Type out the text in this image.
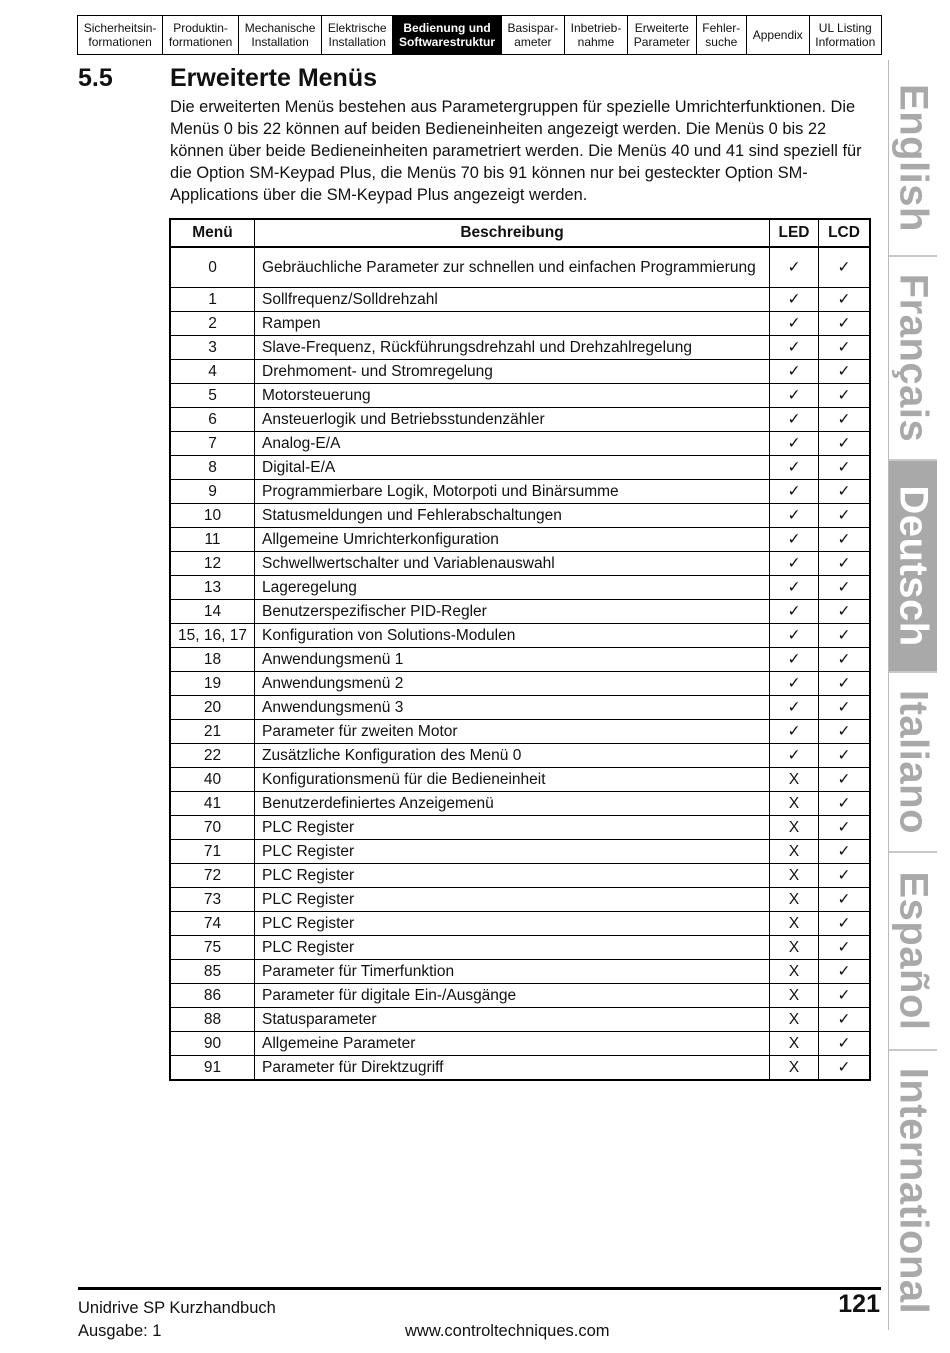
Sicherheitsin-
formationen
Produktin-
formationen
Mechanische
Installation
Elektrische
Installation
Bedienung und
Softwarestruktur
Basispar-
ameter
Inbetrieb-
nahme
Erweiterte
Parameter
Fehler-
suche	Appendix	UL Listing
Information
5.5 Erweiterte Menüs

Die erweiterten Menüs bestehen aus Parametergruppen für spezielle Umrichterfunktionen. Die Menüs 0 bis 22 können auf beiden Bedieneinheiten angezeigt werden. Die Menüs 0 bis 22 können über beide Bedieneinheiten parametriert werden. Die Menüs 40 und 41 sind speziell für die Option SM-Keypad Plus, die Menüs 70 bis 91 können nur bei gesteckter Option SM-Applications über die SM-Keypad Plus angezeigt werden.

Menü	Beschreibung	LED	LCD
0	Gebräuchliche Parameter zur schnellen und einfachen Programmierung	✓	✓
1	Sollfrequenz/Solldrehzahl	✓	✓
2	Rampen	✓	✓
3	Slave-Frequenz, Rückführungsdrehzahl und Drehzahlregelung	✓	✓
4	Drehmoment- und Stromregelung	✓	✓
5	Motorsteuerung	✓	✓
6	Ansteuerlogik und Betriebsstundenzähler	✓	✓
7	Analog-E/A	✓	✓
8	Digital-E/A	✓	✓
9	Programmierbare Logik, Motorpoti und Binärsumme	✓	✓
10	Statusmeldungen und Fehlerabschaltungen	✓	✓
11	Allgemeine Umrichterkonfiguration	✓	✓
12	Schwellwertschalter und Variablenauswahl	✓	✓
13	Lageregelung	✓	✓
14	Benutzerspezifischer PID-Regler	✓	✓
15, 16, 17	Konfiguration von Solutions-Modulen	✓	✓
18	Anwendungsmenü 1	✓	✓
19	Anwendungsmenü 2	✓	✓
20	Anwendungsmenü 3	✓	✓
21	Parameter für zweiten Motor	✓	✓
22	Zusätzliche Konfiguration des Menü 0	✓	✓
40	Konfigurationsmenü für die Bedieneinheit	X	✓
41	Benutzerdefiniertes Anzeigemenü	X	✓
70	PLC Register	X	✓
71	PLC Register	X	✓
72	PLC Register	X	✓
73	PLC Register	X	✓
74	PLC Register	X	✓
75	PLC Register	X	✓
85	Parameter für Timerfunktion	X	✓
86	Parameter für digitale Ein-/Ausgänge	X	✓
88	Statusparameter	X	✓
90	Allgemeine Parameter	X	✓
91	Parameter für Direktzugriff	X	✓
English
Français
Deutsch
Italiano
Español
International
Unidrive SP Kurzhandbuch
Ausgabe: 1	www.controltechniques.com
121
